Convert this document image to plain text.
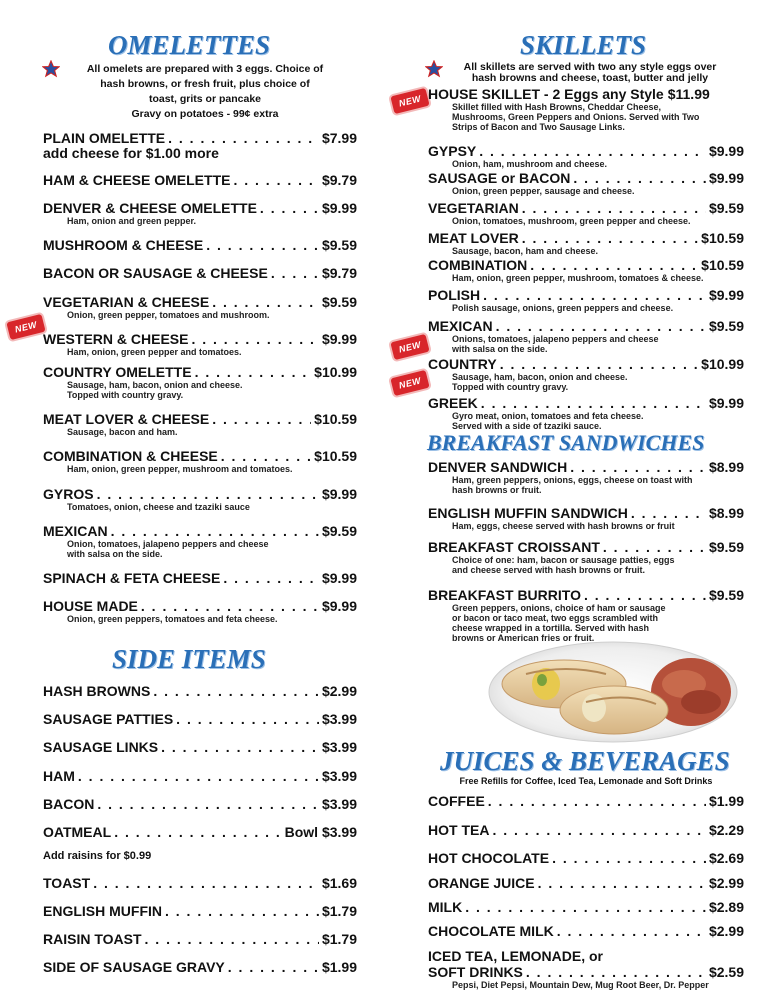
OMELETTES
All omelets are prepared with 3 eggs. Choice of
hash browns, or fresh fruit, plus choice of
toast, grits or pancake
Gravy on potatoes - 99¢ extra
PLAIN OMELETTE . . .	$7.99
add cheese for $1.00 more
HAM & CHEESE OMELETTE . . .	$9.79
DENVER & CHEESE OMELETTE . . .	$9.99
Ham, onion and green pepper.
MUSHROOM & CHEESE . . .	$9.59
BACON OR SAUSAGE & CHEESE . . .	$9.79
VEGETARIAN & CHEESE . . .	$9.59
Onion, green pepper, tomatoes and mushroom.
NEW
WESTERN & CHEESE . . .	$9.99
Ham, onion, green pepper and tomatoes.
COUNTRY OMELETTE . . .	$10.99
Sausage, ham, bacon, onion and cheese.
Topped with country gravy.
MEAT LOVER & CHEESE . . .	$10.59
Sausage, bacon and ham.
COMBINATION & CHEESE . . .	$10.59
Ham, onion, green pepper, mushroom and tomatoes.
GYROS . . .	$9.99
Tomatoes, onion, cheese and tzaziki sauce
MEXICAN . . .	$9.59
Onion, tomatoes, jalapeno peppers and cheese
with salsa on the side.
SPINACH & FETA CHEESE . . .	$9.99
HOUSE MADE . . .	$9.99
Onion, green peppers, tomatoes and feta cheese.
SIDE ITEMS
HASH BROWNS . . .	$2.99
SAUSAGE PATTIES . . .	$3.99
SAUSAGE LINKS . . .	$3.99
HAM . . .	$3.99
BACON . . .	$3.99
OATMEAL . . .	Bowl $3.99
Add raisins for $0.99
TOAST . . .	$1.69
ENGLISH MUFFIN . . .	$1.79
RAISIN TOAST . . .	$1.79
SIDE OF SAUSAGE GRAVY . . .	$1.99
SKILLETS
All skillets are served with two any style eggs over
hash browns and cheese, toast, butter and jelly
NEW HOUSE SKILLET - 2 Eggs any Style $11.99
Skillet filled with Hash Browns, Cheddar Cheese,
Mushrooms, Green Peppers and Onions. Served with Two
Strips of Bacon and Two Sausage Links.
GYPSY . . .	$9.99
Onion, ham, mushroom and cheese.
SAUSAGE or BACON . . .	$9.99
Onion, green pepper, sausage and cheese.
VEGETARIAN . . .	$9.59
Onion, tomatoes, mushroom, green pepper and cheese.
MEAT LOVER . . .	$10.59
Sausage, bacon, ham and cheese.
COMBINATION . . .	$10.59
Ham, onion, green pepper, mushroom, tomatoes & cheese.
POLISH . . .	$9.99
Polish sausage, onions, green peppers and cheese.
NEW
MEXICAN . . .	$9.59
Onions, tomatoes, jalapeno peppers and cheese
with salsa on the side.
NEW
COUNTRY . . .	$10.99
Sausage, ham, bacon, onion and cheese.
Topped with country gravy.
GREEK . . .	$9.99
Gyro meat, onion, tomatoes and feta cheese.
Served with a side of tzaziki sauce.
BREAKFAST SANDWICHES
DENVER SANDWICH . . .	$8.99
Ham, green peppers, onions, eggs, cheese on toast with
hash browns or fruit.
ENGLISH MUFFIN SANDWICH . . .	$8.99
Ham, eggs, cheese served with hash browns or fruit
BREAKFAST CROISSANT . . .	$9.59
Choice of one: ham, bacon or sausage patties, eggs
and cheese served with hash browns or fruit.
BREAKFAST BURRITO . . .	$9.59
Green peppers, onions, choice of ham or sausage
or bacon or taco meat, two eggs scrambled with
cheese wrapped in a tortilla. Served with hash
browns or American fries or fruit.
JUICES & BEVERAGES
Free Refills for Coffee, Iced Tea, Lemonade and Soft Drinks
COFFEE . . .	$1.99
HOT TEA . . .	$2.29
HOT CHOCOLATE . . .	$2.69
ORANGE JUICE . . .	$2.99
MILK . . .	$2.89
CHOCOLATE MILK . . .	$2.99
ICED TEA, LEMONADE, or
SOFT DRINKS . . .	$2.59
Pepsi, Diet Pepsi, Mountain Dew, Mug Root Beer, Dr. Pepper
